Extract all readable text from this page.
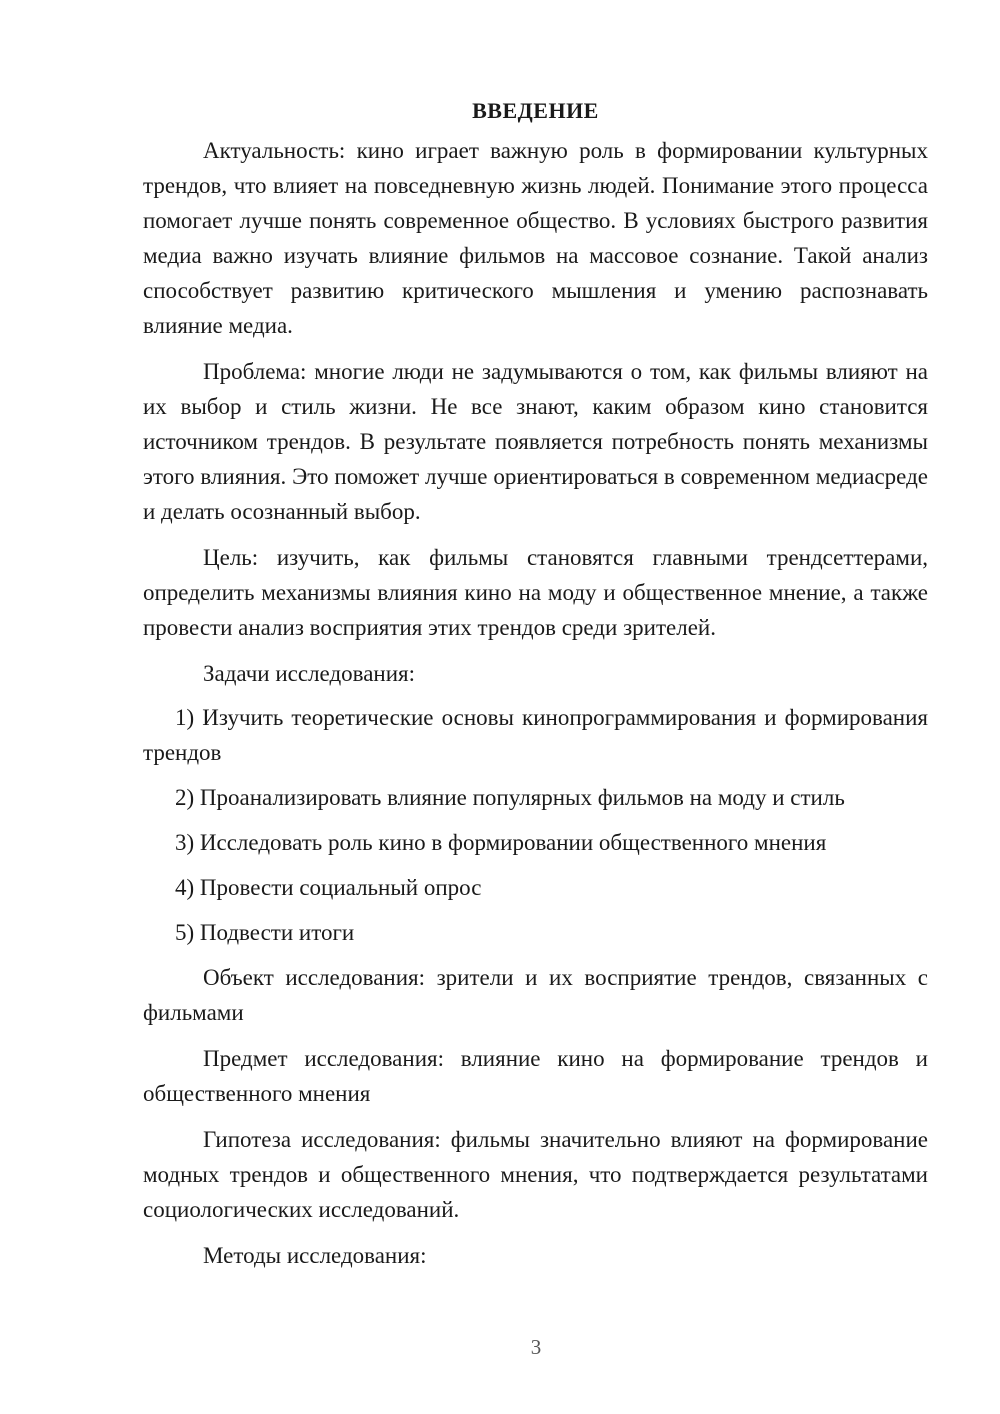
ВВЕДЕНИЕ
Актуальность: кино играет важную роль в формировании культурных трендов, что влияет на повседневную жизнь людей. Понимание этого процесса помогает лучше понять современное общество. В условиях быстрого развития медиа важно изучать влияние фильмов на массовое сознание. Такой анализ способствует развитию критического мышления и умению распознавать влияние медиа.
Проблема: многие люди не задумываются о том, как фильмы влияют на их выбор и стиль жизни. Не все знают, каким образом кино становится источником трендов. В результате появляется потребность понять механизмы этого влияния. Это поможет лучше ориентироваться в современном медиасреде и делать осознанный выбор.
Цель: изучить, как фильмы становятся главными трендсеттерами, определить механизмы влияния кино на моду и общественное мнение, а также провести анализ восприятия этих трендов среди зрителей.
Задачи исследования:
1) Изучить теоретические основы кинопрограммирования и формирования трендов
2) Проанализировать влияние популярных фильмов на моду и стиль
3) Исследовать роль кино в формировании общественного мнения
4) Провести социальный опрос
5) Подвести итоги
Объект исследования: зрители и их восприятие трендов, связанных с фильмами
Предмет исследования: влияние кино на формирование трендов и общественного мнения
Гипотеза исследования: фильмы значительно влияют на формирование модных трендов и общественного мнения, что подтверждается результатами социологических исследований.
Методы исследования:
3
